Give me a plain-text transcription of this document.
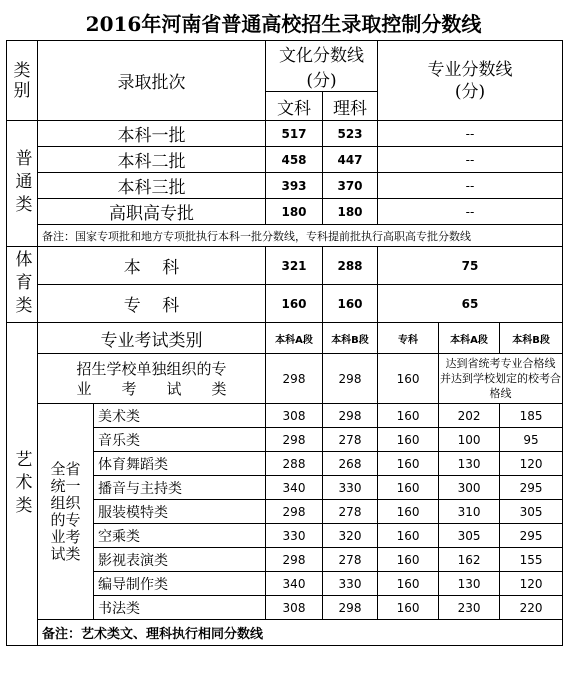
2016年河南省普通高校招生录取控制分数线
类别	录取批次		文化分数线(分)		专业分数线(分)			

			文科	理科				

普通类	本科一批		517	523	--			
	本科二批		458	447	--			
	本科三批		393	370	--			
	高职高专批		180	180	--			
	备注：国家专项批和地方专项批执行本科一批分数线，专科提前批执行高职高专批分数线							

体育类	本    科		321	288	75			
	专    科		160	160	65			

艺术类	专业考试类别		本科A段	本科B段	专科	本科A段	本科B段	

	招生学校单独组织的专业考试类		298	298	160	达到省统考专业合格线
并达到学校划定的校考合格线		

	全省统一组织的专业考试类	美术类	308	298	160	202	185	
		音乐类	298	278	160	100	95	
		体育舞蹈类	288	268	160	130	120	
		播音与主持类	340	330	160	300	295	
		服装模特类	298	278	160	310	305	
		空乘类	330	320	160	305	295	
		影视表演类	298	278	160	162	155	
		编导制作类	340	330	160	130	120	
		书法类	308	298	160	230	220	
	备注：艺术类文、理科执行相同分数线							
